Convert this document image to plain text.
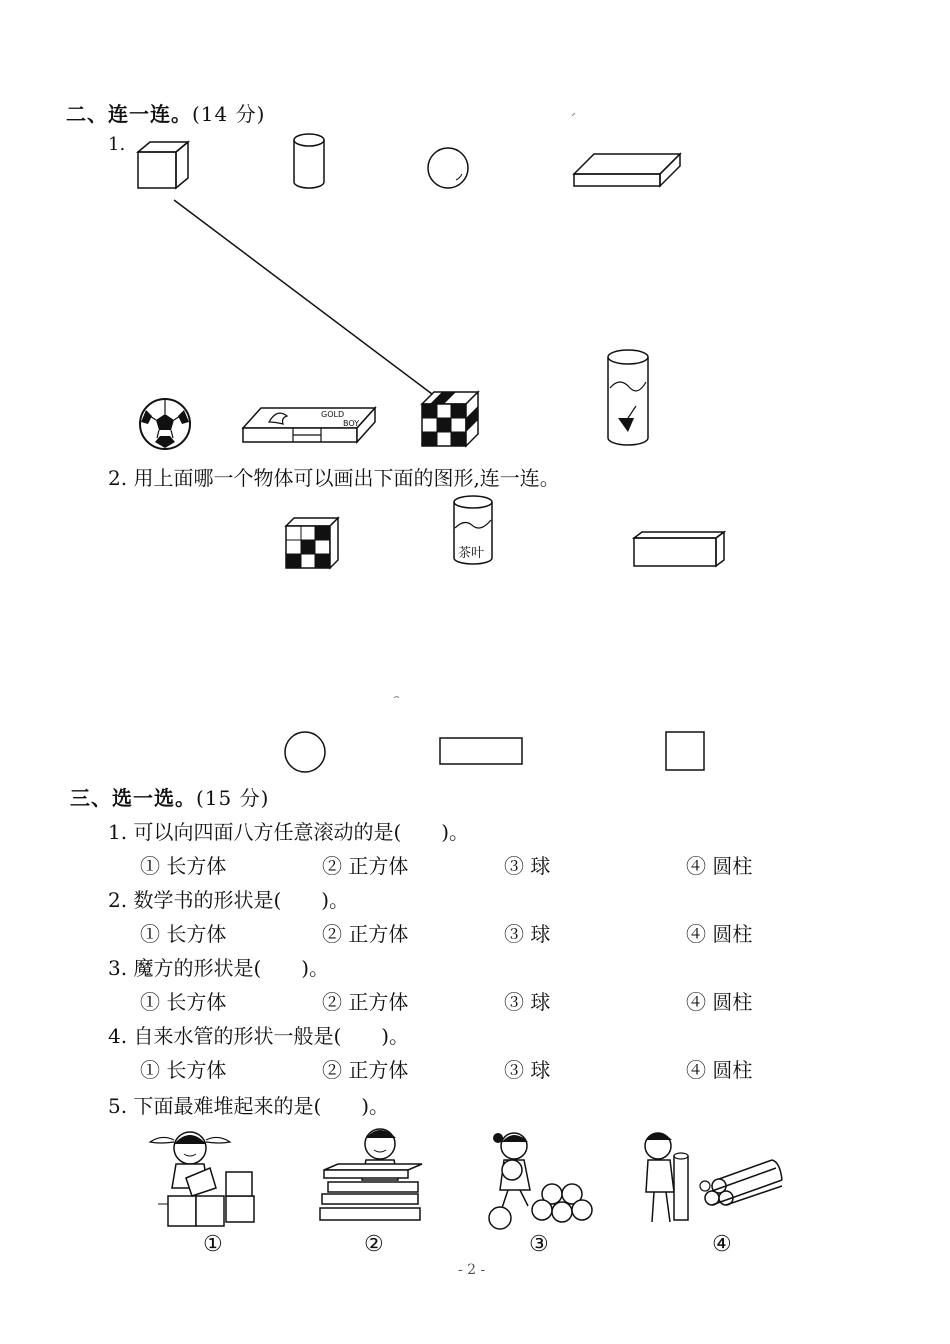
二、连一连。(14 分)
1.
GOLD
BOY
2. 用上面哪一个物体可以画出下面的图形,连一连。
茶叶
三、选一选。(15 分)
1. 可以向四面八方任意滚动的是(　　)。
① 长方体	② 正方体	③ 球	④ 圆柱
2. 数学书的形状是(　　)。
① 长方体	② 正方体	③ 球	④ 圆柱
3. 魔方的形状是(　　)。
① 长方体	② 正方体	③ 球	④ 圆柱
4. 自来水管的形状一般是(　　)。
① 长方体	② 正方体	③ 球	④ 圆柱
5. 下面最难堆起来的是(　　)。
①	②	③	④
- 2 -
